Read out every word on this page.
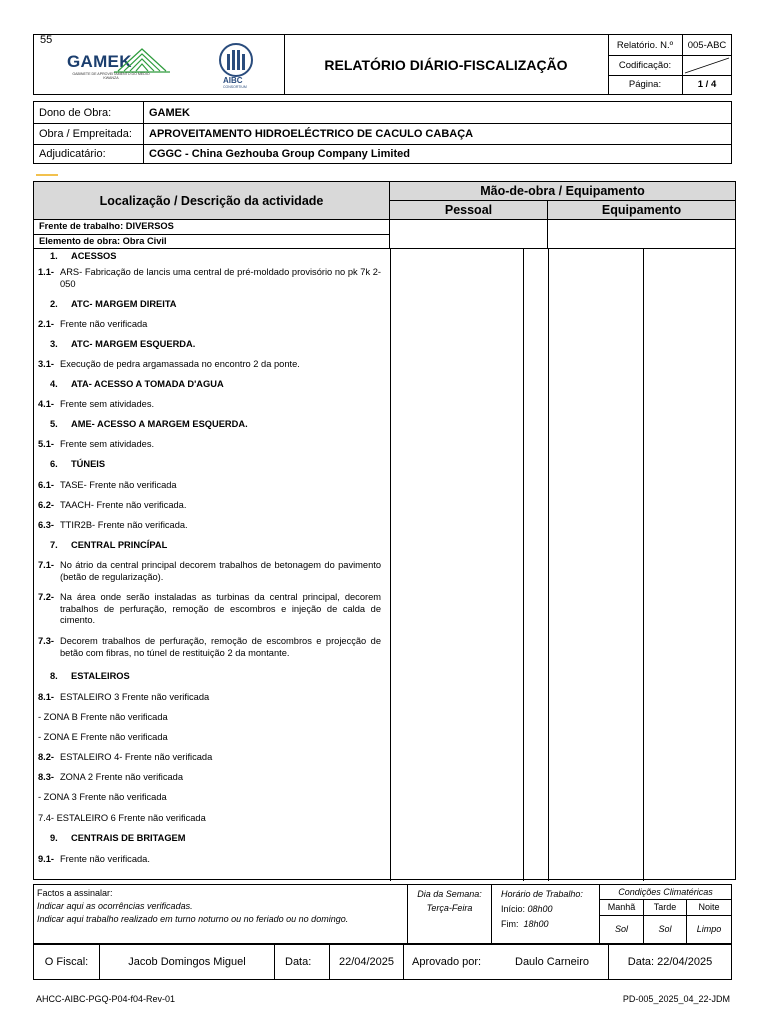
55
GAMEK
GABINETE DE APROVEITAMENTO DO MÉDIO KWANZA	AIBC
CONSORTIUM
RELATÓRIO DIÁRIO-FISCALIZAÇÃO
Relatório. N.º	005-ABC
Codificação:
Página:	1 / 4
Dono de Obra:	GAMEK
Obra / Empreitada:	APROVEITAMENTO HIDROELÉCTRICO DE CACULO CABAÇA
Adjudicatário:	CGGC - China Gezhouba Group Company Limited
Localização / Descrição da actividade
Mão-de-obra / Equipamento
Pessoal	Equipamento
Frente de trabalho: DIVERSOS
Elemento de obra: Obra Civil
1. ACESSOS
1.1- ARS- Fabricação de lancis uma central de pré-moldado provisório no pk 7k 2-050
2. ATC- MARGEM DIREITA
2.1- Frente não verificada
3. ATC- MARGEM ESQUERDA.
3.1- Execução de pedra argamassada no encontro 2 da ponte.
4. ATA- ACESSO A TOMADA D'AGUA
4.1- Frente sem atividades.
5. AME- ACESSO A MARGEM ESQUERDA.
5.1- Frente sem atividades.
6. TÚNEIS
6.1- TASE- Frente não verificada
6.2- TAACH- Frente não verificada.
6.3- TTIR2B- Frente não verificada.
7. CENTRAL PRINCÍPAL
7.1- No átrio da central principal decorem trabalhos de betonagem do pavimento (betão de regularização).
7.2- Na área onde serão instaladas as turbinas da central principal, decorem trabalhos de perfuração, remoção de escombros e injeção de calda de cimento.
7.3- Decorem trabalhos de perfuração, remoção de escombros e projecção de betão com fibras, no túnel de restituição 2 da montante.
8. ESTALEIROS
8.1- ESTALEIRO 3 Frente não verificada
- ZONA B Frente não verificada
- ZONA E Frente não verificada
8.2- ESTALEIRO 4- Frente não verificada
8.3- ZONA 2 Frente não verificada
- ZONA 3 Frente não verificada
7.4- ESTALEIRO 6 Frente não verificada
9. CENTRAIS DE BRITAGEM
9.1- Frente não verificada.
Factos a assinalar:
Indicar aqui as ocorrências verificadas.
Indicar aqui trabalho realizado em turno noturno ou no feriado ou no domingo.
Dia da Semana:
Terça-Feira
Horário de Trabalho:
Início: 08h00
Fim: 18h00
Condições Climatéricas
Manhã	Tarde	Noite
Sol	Sol	Limpo
O Fiscal:	Jacob Domingos Miguel	Data:	22/04/2025	Aprovado por:	Daulo Carneiro	Data: 22/04/2025
AHCC-AIBC-PGQ-P04-f04-Rev-01	PD-005_2025_04_22-JDM
